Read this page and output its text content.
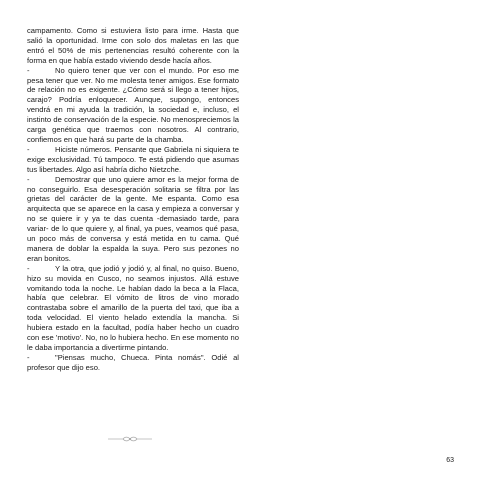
campamento. Como si estuviera listo para irme. Hasta que salió la oportunidad. Irme con solo dos maletas en las que entró el 50% de mis pertenencias resultó coherente con la forma en que había estado viviendo desde hacía años.

-	No quiero tener que ver con el mundo. Por eso me pesa tener que ver. No me molesta tener amigos. Ese formato de relación no es exigente. ¿Cómo será si llego a tener hijos, carajo? Podría enloquecer. Aunque, supongo, entonces vendrá en mi ayuda la tradición, la sociedad e, incluso, el instinto de conservación de la especie. No menospreciemos la carga genética que traemos con nosotros. Al contrario, confiemos en que hará su parte de la chamba.

-	Hiciste números. Pensante que Gabriela ni siquiera te exige exclusividad. Tú tampoco. Te está pidiendo que asumas tus libertades. Algo así habría dicho Nietzche.

-	Demostrar que uno quiere amor es la mejor forma de no conseguirlo. Esa desesperación solitaria se filtra por las grietas del carácter de la gente. Me espanta. Como esa arquitecta que se aparece en la casa y empieza a conversar y no se quiere ir y ya te das cuenta -demasiado tarde, para variar- de lo que quiere y, al final, ya pues, veamos qué pasa, un poco más de conversa y está metida en tu cama. Qué manera de doblar la espalda la suya. Pero sus pezones no eran bonitos.

-	Y la otra, que jodió y jodió y, al final, no quiso. Bueno, hizo su movida en Cusco, no seamos injustos. Allá estuve vomitando toda la noche. Le habían dado la beca a la Flaca, había que celebrar. El vómito de litros de vino morado contrastaba sobre el amarillo de la puerta del taxi, que iba a toda velocidad. El viento helado extendía la mancha. Si hubiera estado en la facultad, podía haber hecho un cuadro con ese 'motivo'. No, no lo hubiera hecho. En ese momento no le daba importancia a divertirme pintando.

-	"Piensas mucho, Chueca. Pinta nomás". Odié al profesor que dijo eso.

63
